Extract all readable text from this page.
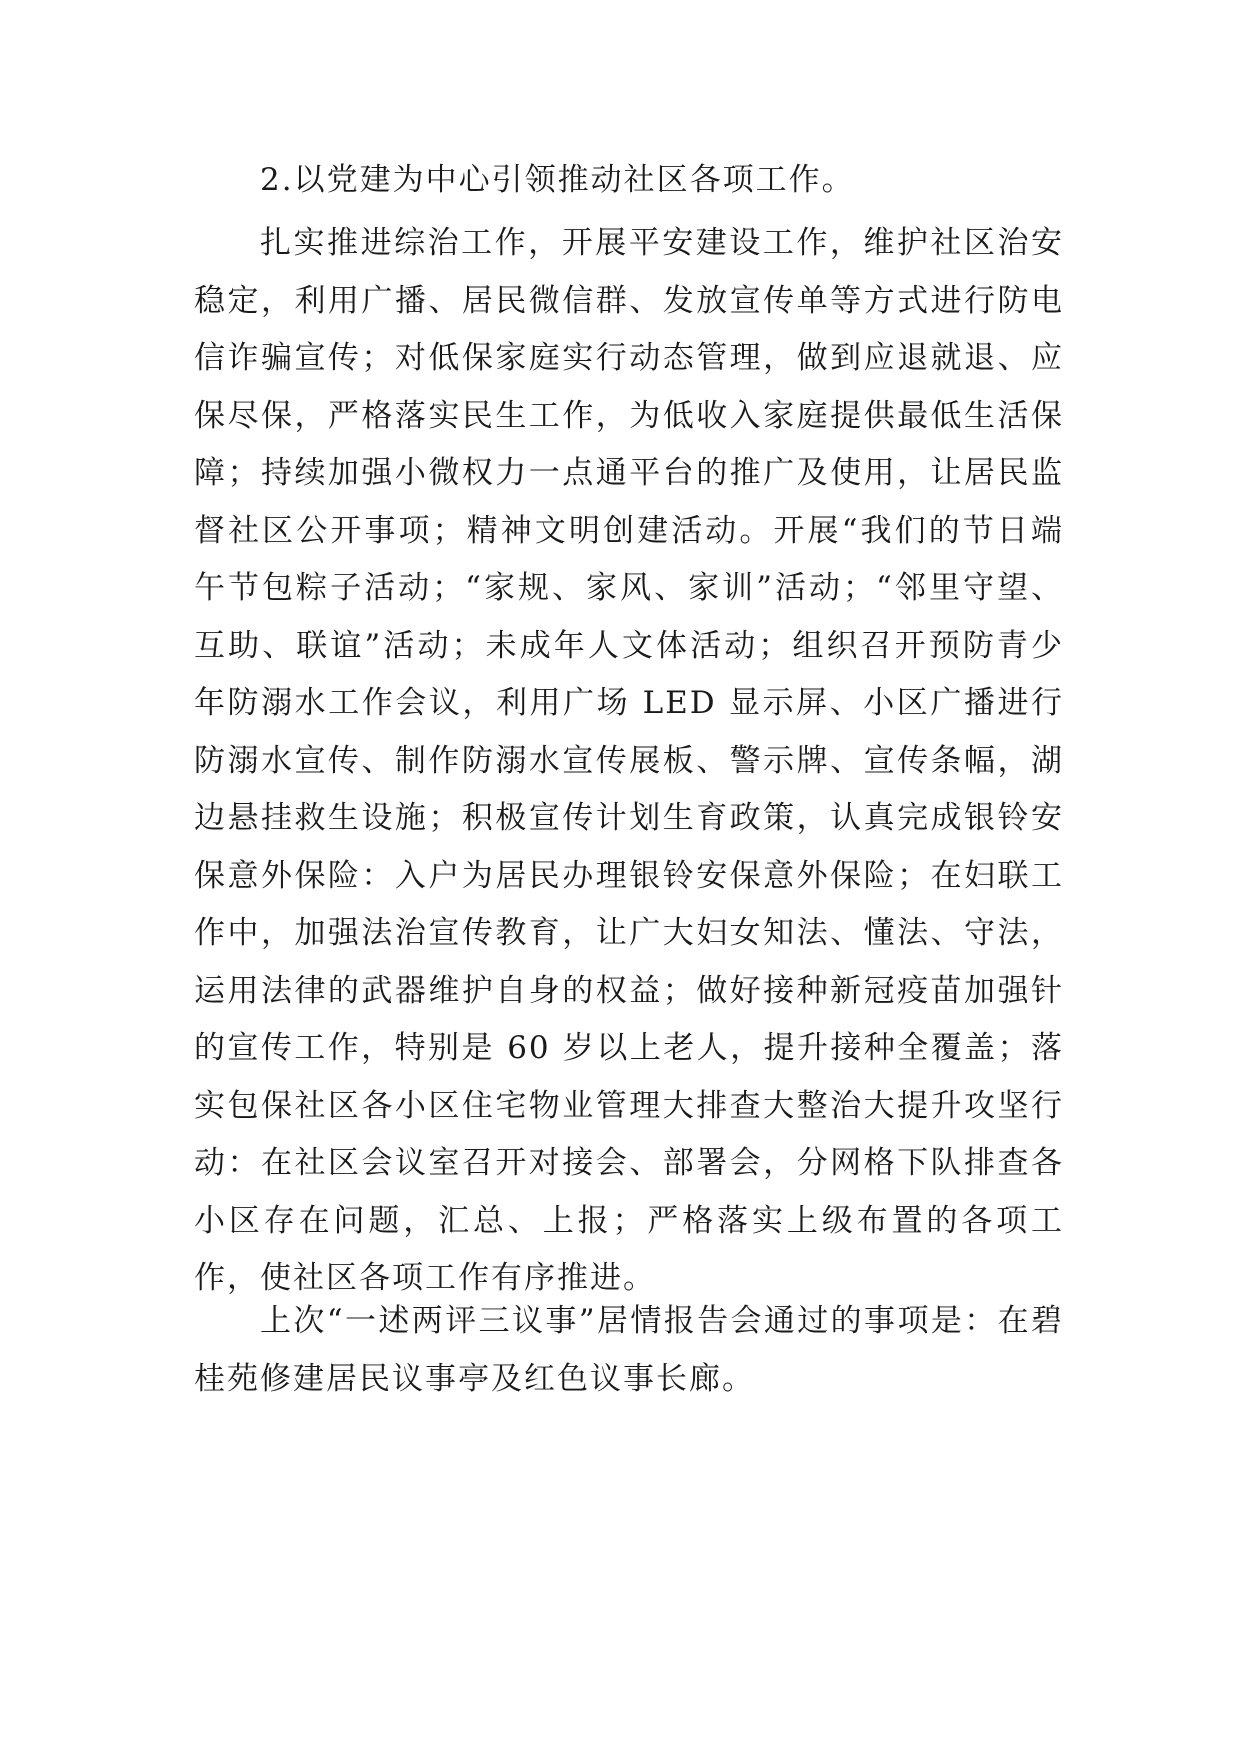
2.以党建为中心引领推动社区各项工作。

扎实推进综治工作，开展平安建设工作，维护社区治安稳定，利用广播、居民微信群、发放宣传单等方式进行防电信诈骗宣传；对低保家庭实行动态管理，做到应退就退、应保尽保，严格落实民生工作，为低收入家庭提供最低生活保障；持续加强小微权力一点通平台的推广及使用，让居民监督社区公开事项；精神文明创建活动。开展“我们的节日端午节包粽子活动；“家规、家风、家训”活动；“邻里守望、互助、联谊”活动；未成年人文体活动；组织召开预防青少年防溺水工作会议，利用广场 LED 显示屏、小区广播进行防溺水宣传、制作防溺水宣传展板、警示牌、宣传条幅，湖边悬挂救生设施；积极宣传计划生育政策，认真完成银铃安保意外保险：入户为居民办理银铃安保意外保险；在妇联工作中，加强法治宣传教育，让广大妇女知法、懂法、守法，运用法律的武器维护自身的权益；做好接种新冠疫苗加强针的宣传工作，特别是 60 岁以上老人，提升接种全覆盖；落实包保社区各小区住宅物业管理大排查大整治大提升攻坚行动：在社区会议室召开对接会、部署会，分网格下队排查各小区存在问题，汇总、上报；严格落实上级布置的各项工作，使社区各项工作有序推进。

上次“一述两评三议事”居情报告会通过的事项是：在碧桂苑修建居民议事亭及红色议事长廊。
